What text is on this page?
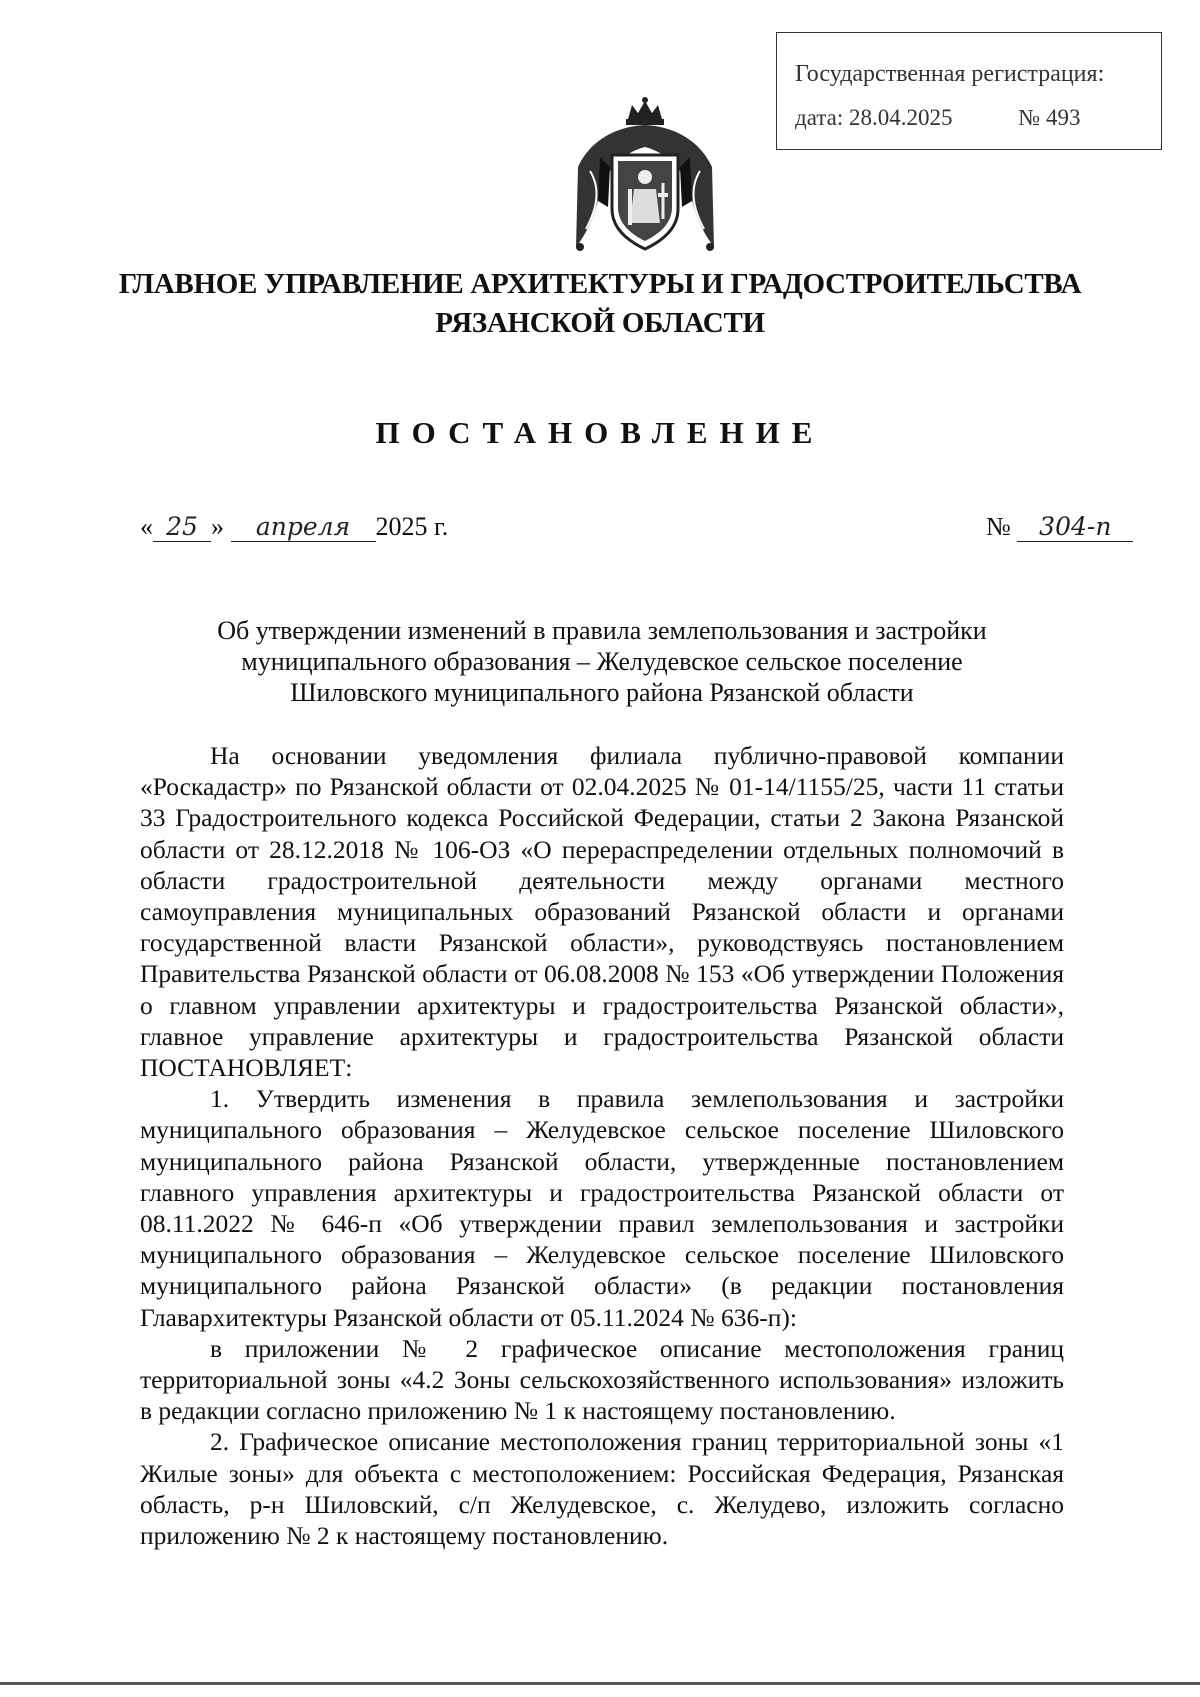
Государственная регистрация:
дата: 28.04.2025	№ 493
ГЛАВНОЕ УПРАВЛЕНИЕ АРХИТЕКТУРЫ И ГРАДОСТРОИТЕЛЬСТВА
РЯЗАНСКОЙ ОБЛАСТИ
ПОСТАНОВЛЕНИЕ
« 25 » апреля 2025 г.	№ 304-п
Об утверждении изменений в правила землепользования и застройки
муниципального образования – Желудевское сельское поселение
Шиловского муниципального района Рязанской области

На основании уведомления филиала публично-правовой компании «Роскадастр» по Рязанской области от 02.04.2025 № 01-14/1155/25, части 11 статьи 33 Градостроительного кодекса Российской Федерации, статьи 2 Закона Рязанской области от 28.12.2018 № 106-ОЗ «О перераспределении отдельных полномочий в области градостроительной деятельности между органами местного самоуправления муниципальных образований Рязанской области и органами государственной власти Рязанской области», руководствуясь постановлением Правительства Рязанской области от 06.08.2008 № 153 «Об утверждении Положения о главном управлении архитектуры и градостроительства Рязанской области», главное управление архитектуры и градостроительства Рязанской области ПОСТАНОВЛЯЕТ:

1. Утвердить изменения в правила землепользования и застройки муниципального образования – Желудевское сельское поселение Шиловского муниципального района Рязанской области, утвержденные постановлением главного управления архитектуры и градостроительства Рязанской области от 08.11.2022 № 646-п «Об утверждении правил землепользования и застройки муниципального образования – Желудевское сельское поселение Шиловского муниципального района Рязанской области» (в редакции постановления Главархитектуры Рязанской области от 05.11.2024 № 636-п):

в приложении № 2 графическое описание местоположения границ территориальной зоны «4.2 Зоны сельскохозяйственного использования» изложить в редакции согласно приложению № 1 к настоящему постановлению.

2. Графическое описание местоположения границ территориальной зоны «1 Жилые зоны» для объекта с местоположением: Российская Федерация, Рязанская область, р-н Шиловский, с/п Желудевское, с. Желудево, изложить согласно приложению № 2 к настоящему постановлению.
